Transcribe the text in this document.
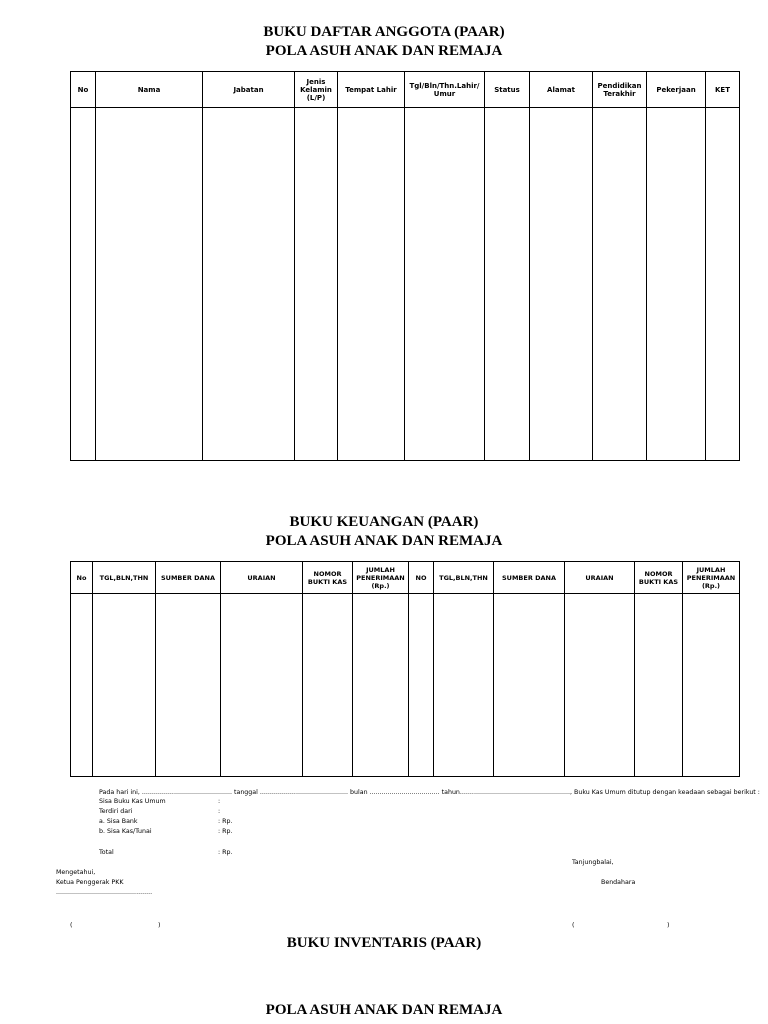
BUKU DAFTAR ANGGOTA (PAAR)
POLA ASUH ANAK DAN REMAJA
No	Nama	Jabatan	Jenis Kelamin (L/P)	Tempat Lahir	Tgl/Bln/Thn.Lahir/ Umur	Status	Alamat	Pendidikan Terakhir	Pekerjaan	KET

BUKU KEUANGAN (PAAR)
POLA ASUH ANAK DAN REMAJA
No	TGL,BLN,THN	SUMBER DANA	URAIAN	NOMOR BUKTI KAS	JUMLAH PENERIMAAN (Rp.)	NO	TGL,BLN,THN	SUMBER DANA	URAIAN	NOMOR BUKTI KAS	JUMLAH PENERIMAAN (Rp.)

Pada hari ini, ............................................. tanggal ............................................ bulan ................................... tahun......................................................., Buku Kas Umum ditutup dengan keadaan sebagai berikut :

Sisa Buku Kas Umum	:

Terdiri dari	:

a. Sisa Bank	: Rp.

b. Sisa Kas/Tunai	: Rp.

Total	: Rp.

Tanjungbalai,

Mengetahui,

Ketua Penggerak PKK	Bendahara

................................................

(	)	(	)

BUKU INVENTARIS (PAAR)
POLA ASUH ANAK DAN REMAJA
